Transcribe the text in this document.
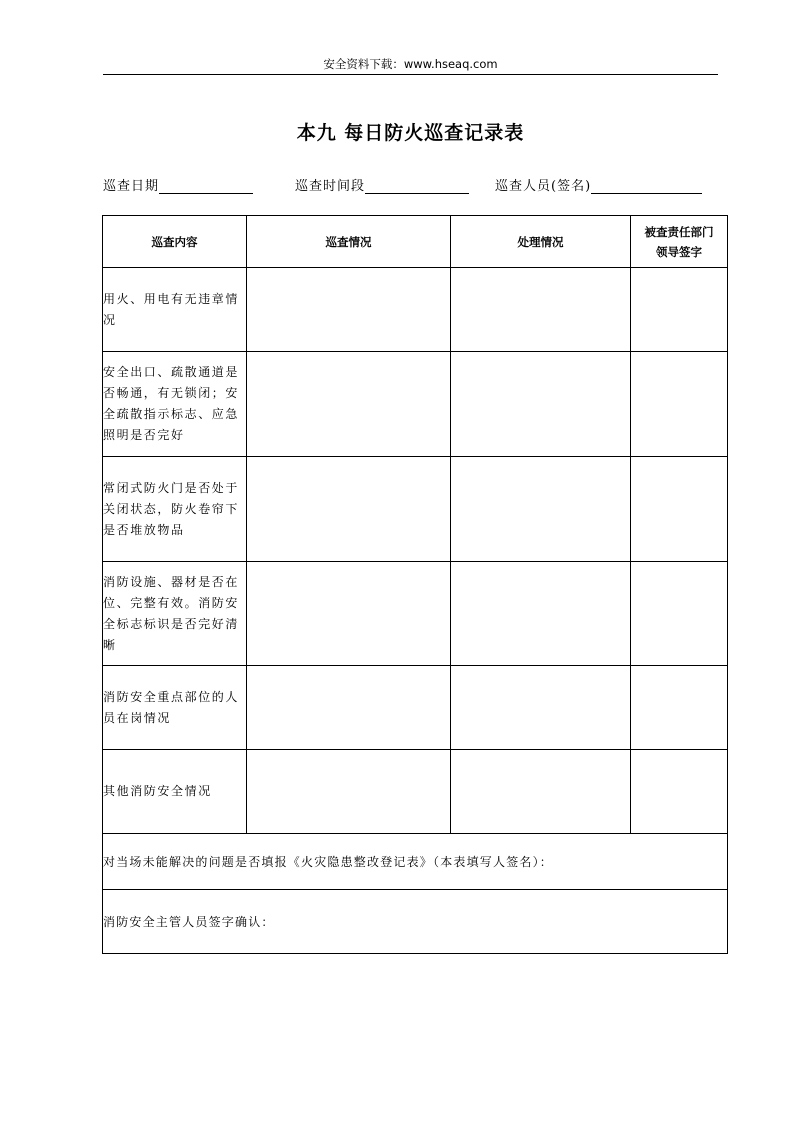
安全资料下载：www.hseaq.com
本九 每日防火巡查记录表
巡查日期	巡查时间段	巡查人员(签名)
巡查内容	巡查情况	处理情况	被查责任部门领导签字
用火、用电有无违章情况			
安全出口、疏散通道是否畅通，有无锁闭；安全疏散指示标志、应急照明是否完好			
常闭式防火门是否处于关闭状态，防火卷帘下是否堆放物品			
消防设施、器材是否在位、完整有效。消防安全标志标识是否完好清晰			
消防安全重点部位的人员在岗情况			
其他消防安全情况			
对当场未能解决的问题是否填报《火灾隐患整改登记表》（本表填写人签名）：			
消防安全主管人员签字确认：			
